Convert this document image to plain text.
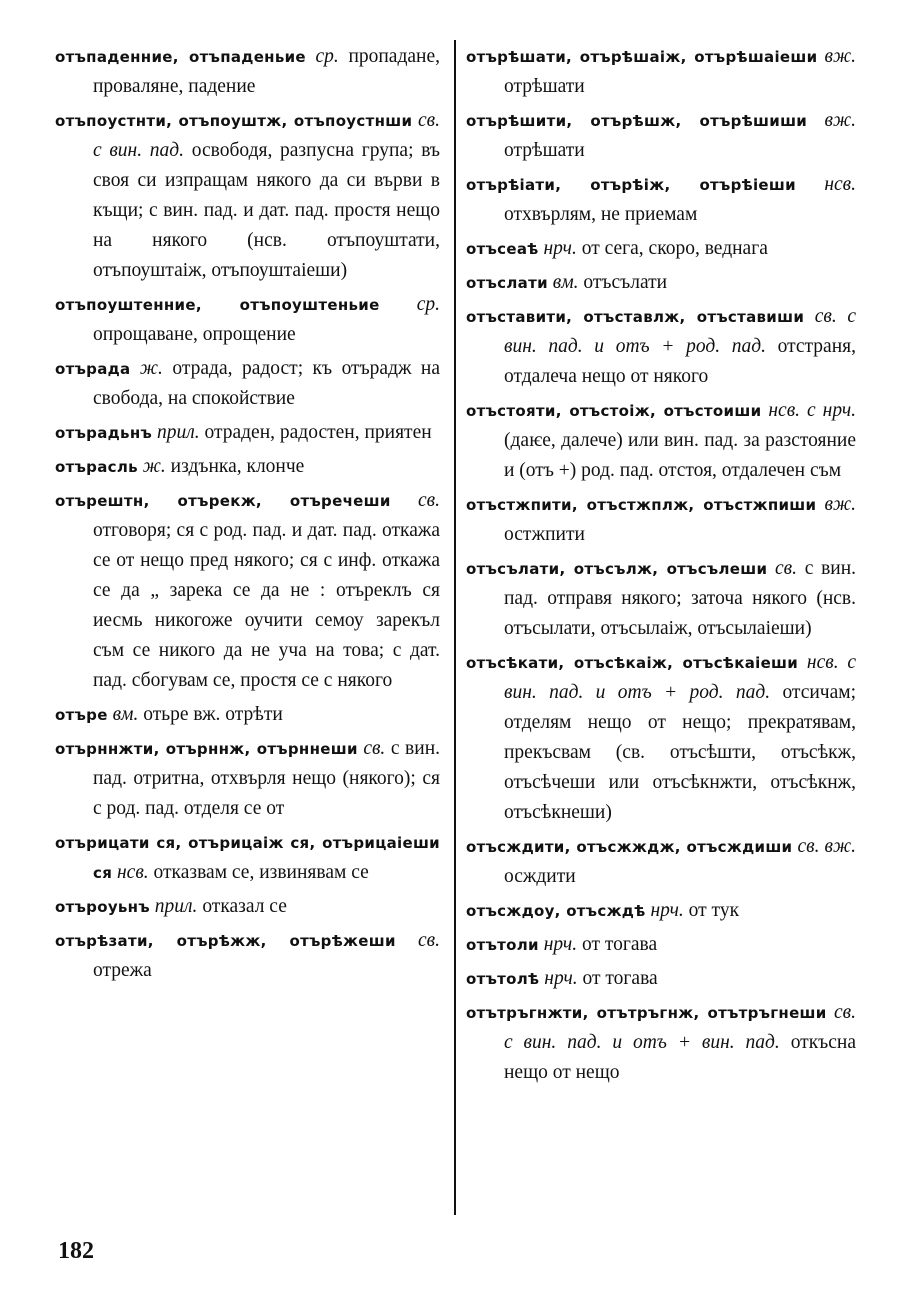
отъпаденние, отъпаденьие ср. пропадане, проваляне, падение

отъпоустнти, отъпоуштж, отъпоустнши св. с вин. пад. освободя, разпусна група; въ своя си изпращам някого да си върви в къщи; с вин. пад. и дат. пад. простя нещо на някого (нсв. отъпоуштати, отъпоуштаіж, отъпоуштаіеши)

отъпоуштенние, отъпоуштеньие ср. опрощаване, опрощение

отърада ж. отрада, радост; къ отърадж на свобода, на спокойствие

отърадьнъ прил. отраден, радостен, приятен

отърасль ж. издънка, клонче

отърештн, отърекж, отъречеши св. отговоря; ся с род. пад. и дат. пад. откажа се от нещо пред някого; ся с инф. откажа се да „ зарека се да не : отърeклъ ся иесмь никогоже оучити семоу зарекъл съм се никого да не уча на това; с дат. пад. сбогувам се, простя се с някого

отъре вм. отьре вж. отрѣти

отърннжти, отърннж, отърннеши св. с вин. пад. отритна, отхвърля нещо (някого); ся с род. пад. отделя се от

отърицати ся, отърицаіж ся, отърицаіеши ся нсв. отказвам се, извинявам се

отъроуьнъ прил. отказал се

отърѣзати, отърѣжж, отърѣжеши св. отрежа

отърѣшати, отърѣшаіж, отърѣшаіеши вж. отрѣшати

отърѣшити, отърѣшж, отърѣшиши вж. отрѣшати

отърѣіати, отърѣіж, отърѣіеши нсв. отхвърлям, не приемам

отъсеаѣ нрч. от сега, скоро, веднага

отъслати вм. отъсълати

отъставити, отъставлж, отъставиши св. с вин. пад. и отъ + род. пад. отстраня, отдалеча нещо от някого

отъстояти, отъстоіж, отъстоиши нсв. с нрч. (даѥе, далече) или вин. пад. за разстояние и (отъ +) род. пад. отстоя, отдалечен съм

отъстжпити, отъстжплж, отъстжпиши вж. остжпити

отъсълати, отъсълж, отъсълеши св. с вин. пад. отправя някого; заточа някого (нсв. отъсылати, отъсылаіж, отъсылаіеши)

отъсѣкати, отъсѣкаіж, отъсѣкаіеши нсв. с вин. пад. и отъ + род. пад. отсичам; отделям нещо от нещо; прекратявам, прекъсвам (св. отъсѣшти, отъсѣкж, отъсѣчеши или отъсѣкнжти, отъсѣкнж, отъсѣкнеши)

отъсждити, отъсжждж, отъсждиши св. вж. осждити

отъсждоу, отъсждѣ нрч. от тук

отътоли нрч. от тогава

отътолѣ нрч. от тогава

отътръгнжти, отътръгнж, отътръгнеши св. с вин. пад. и отъ + вин. пад. откъсна нещо от нещо

182
